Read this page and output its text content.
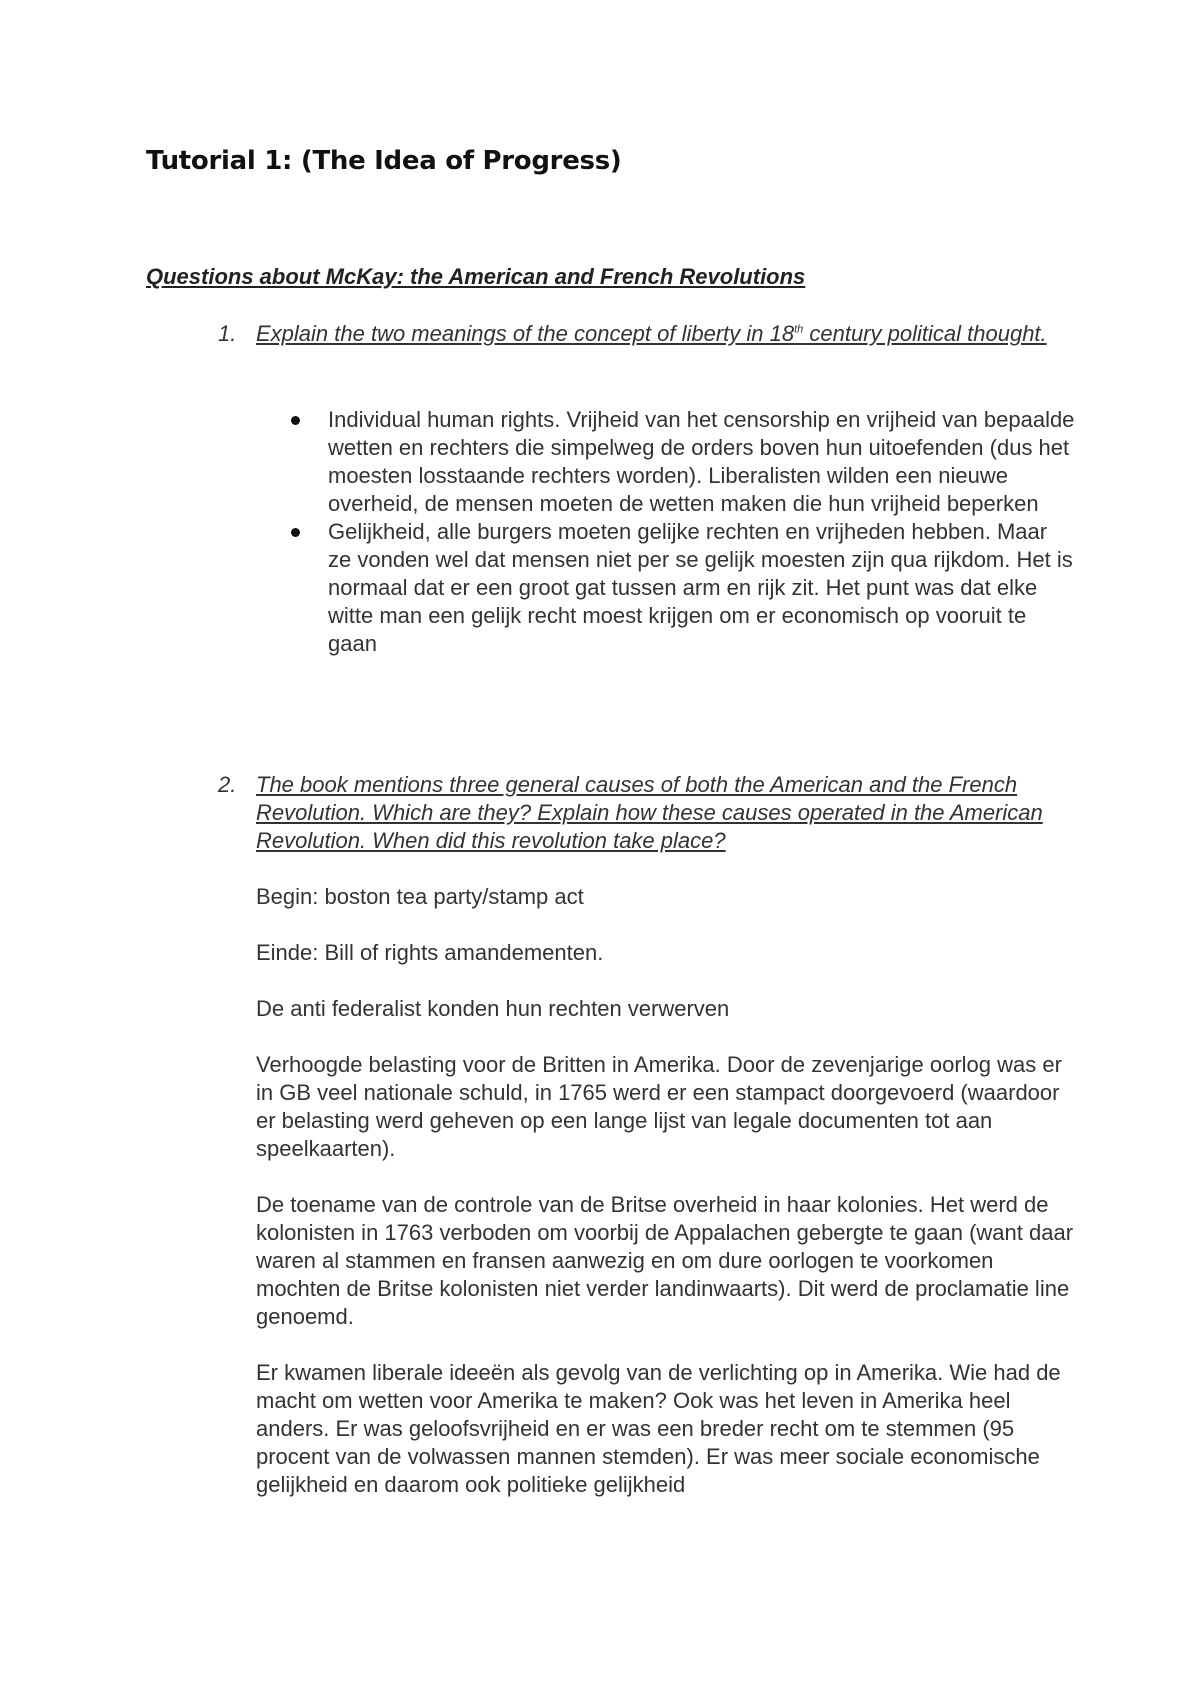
Tutorial 1: (The Idea of Progress)
Questions about McKay: the American and French Revolutions
1. Explain the two meanings of the concept of liberty in 18th century political thought.
Individual human rights. Vrijheid van het censorship en vrijheid van bepaalde wetten en rechters die simpelweg de orders boven hun uitoefenden (dus het moesten losstaande rechters worden). Liberalisten wilden een nieuwe overheid, de mensen moeten de wetten maken die hun vrijheid beperken
Gelijkheid, alle burgers moeten gelijke rechten en vrijheden hebben. Maar ze vonden wel dat mensen niet per se gelijk moesten zijn qua rijkdom. Het is normaal dat er een groot gat tussen arm en rijk zit. Het punt was dat elke witte man een gelijk recht moest krijgen om er economisch op vooruit te gaan
2. The book mentions three general causes of both the American and the French Revolution. Which are they? Explain how these causes operated in the American Revolution. When did this revolution take place?

Begin: boston tea party/stamp act

Einde: Bill of rights amandementen.

De anti federalist konden hun rechten verwerven

Verhoogde belasting voor de Britten in Amerika. Door de zevenjarige oorlog was er in GB veel nationale schuld, in 1765 werd er een stampact doorgevoerd (waardoor er belasting werd geheven op een lange lijst van legale documenten tot aan speelkaarten).

De toename van de controle van de Britse overheid in haar kolonies. Het werd de kolonisten in 1763 verboden om voorbij de Appalachen gebergte te gaan (want daar waren al stammen en fransen aanwezig en om dure oorlogen te voorkomen mochten de Britse kolonisten niet verder landinwaarts). Dit werd de proclamatie line genoemd.

Er kwamen liberale ideeën als gevolg van de verlichting op in Amerika. Wie had de macht om wetten voor Amerika te maken? Ook was het leven in Amerika heel anders. Er was geloofsvrijheid en er was een breder recht om te stemmen (95 procent van de volwassen mannen stemden). Er was meer sociale economische gelijkheid en daarom ook politieke gelijkheid
